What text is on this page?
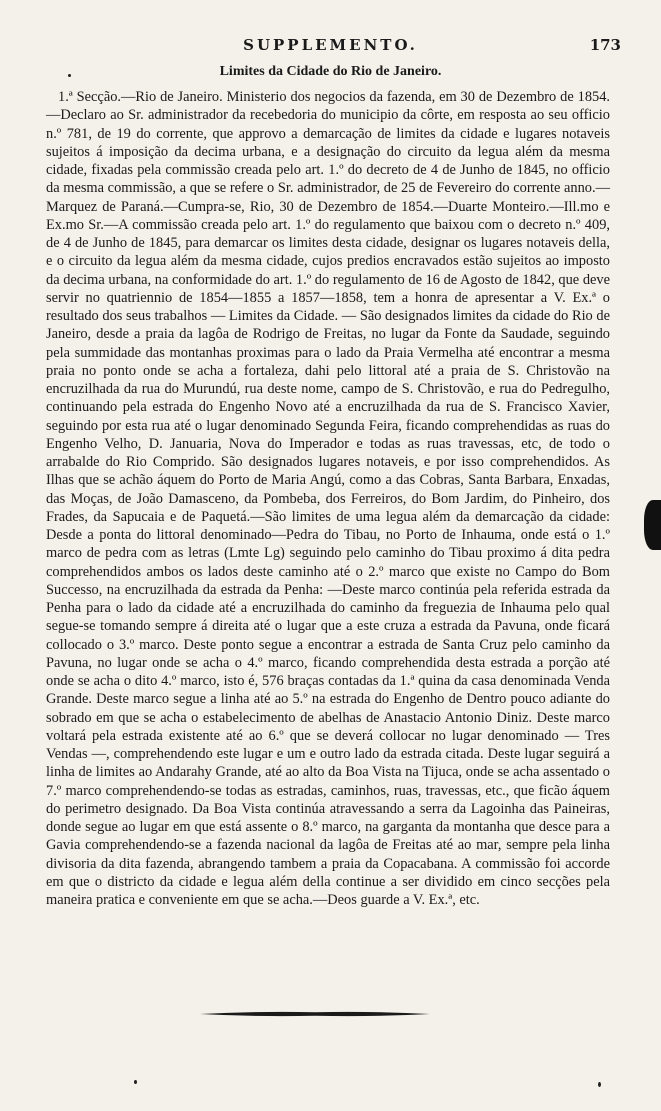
SUPPLEMENTO.	173
Limites da Cidade do Rio de Janeiro.

1.ª Secção.—Rio de Janeiro. Ministerio dos negocios da fazenda, em 30 de Dezembro de 1854.—Declaro ao Sr. administrador da recebedoria do municipio da côrte, em resposta ao seu officio n.º 781, de 19 do corrente, que approvo a demarcação de limites da cidade e lugares notaveis sujeitos á imposição da decima urbana, e a designação do circuito da legua além da mesma cidade, fixadas pela commissão creada pelo art. 1.º do decreto de 4 de Junho de 1845, no officio da mesma commissão, a que se refere o Sr. administrador, de 25 de Fevereiro do corrente anno.—Marquez de Paraná.—Cumpra-se, Rio, 30 de Dezembro de 1854.—Duarte Monteiro.—Ill.mo e Ex.mo Sr.—A commissão creada pelo art. 1.º do regulamento que baixou com o decreto n.º 409, de 4 de Junho de 1845, para demarcar os limites desta cidade, designar os lugares notaveis della, e o circuito da legua além da mesma cidade, cujos predios encravados estão sujeitos ao imposto da decima urbana, na conformidade do art. 1.º do regulamento de 16 de Agosto de 1842, que deve servir no quatriennio de 1854—1855 a 1857—1858, tem a honra de apresentar a V. Ex.ª o resultado dos seus trabalhos — Limites da Cidade. — São designados limites da cidade do Rio de Janeiro, desde a praia da lagôa de Rodrigo de Freitas, no lugar da Fonte da Saudade, seguindo pela summidade das montanhas proximas para o lado da Praia Vermelha até encontrar a mesma praia no ponto onde se acha a fortaleza, dahi pelo littoral até a praia de S. Christovão na encruzilhada da rua do Murundú, rua deste nome, campo de S. Christovão, e rua do Pedregulho, continuando pela estrada do Engenho Novo até a encruzilhada da rua de S. Francisco Xavier, seguindo por esta rua até o lugar denominado Segunda Feira, ficando comprehendidas as ruas do Engenho Velho, D. Januaria, Nova do Imperador e todas as ruas travessas, etc, de todo o arrabalde do Rio Comprido. São designados lugares notaveis, e por isso comprehendidos. As Ilhas que se achão áquem do Porto de Maria Angú, como a das Cobras, Santa Barbara, Enxadas, das Moças, de João Damasceno, da Pombeba, dos Ferreiros, do Bom Jardim, do Pinheiro, dos Frades, da Sapucaia e de Paquetá.—São limites de uma legua além da demarcação da cidade: Desde a ponta do littoral denominado—Pedra do Tibau, no Porto de Inhauma, onde está o 1.º marco de pedra com as letras (Lmte Lg) seguindo pelo caminho do Tibau proximo á dita pedra comprehendidos ambos os lados deste caminho até o 2.º marco que existe no Campo do Bom Successo, na encruzilhada da estrada da Penha: —Deste marco continúa pela referida estrada da Penha para o lado da cidade até a encruzilhada do caminho da freguezia de Inhauma pelo qual segue-se tomando sempre á direita até o lugar que a este cruza a estrada da Pavuna, onde ficará collocado o 3.º marco. Deste ponto segue a encontrar a estrada de Santa Cruz pelo caminho da Pavuna, no lugar onde se acha o 4.º marco, ficando comprehendida desta estrada a porção até onde se acha o dito 4.º marco, isto é, 576 braças contadas da 1.ª quina da casa denominada Venda Grande. Deste marco segue a linha até ao 5.º na estrada do Engenho de Dentro pouco adiante do sobrado em que se acha o estabelecimento de abelhas de Anastacio Antonio Diniz. Deste marco voltará pela estrada existente até ao 6.º que se deverá collocar no lugar denominado — Tres Vendas —, comprehendendo este lugar e um e outro lado da estrada citada. Deste lugar seguirá a linha de limites ao Andarahy Grande, até ao alto da Boa Vista na Tijuca, onde se acha assentado o 7.º marco comprehendendo-se todas as estradas, caminhos, ruas, travessas, etc., que ficão áquem do perimetro designado. Da Boa Vista continúa atravessando a serra da Lagoinha das Paineiras, donde segue ao lugar em que está assente o 8.º marco, na garganta da montanha que desce para a Gavia comprehendendo-se a fazenda nacional da lagôa de Freitas até ao mar, sempre pela linha divisoria da dita fazenda, abrangendo tambem a praia da Copacabana. A commissão foi accorde em que o districto da cidade e legua além della continue a ser dividido em cinco secções pela maneira pratica e conveniente em que se acha.—Deos guarde a V. Ex.ª, etc.
